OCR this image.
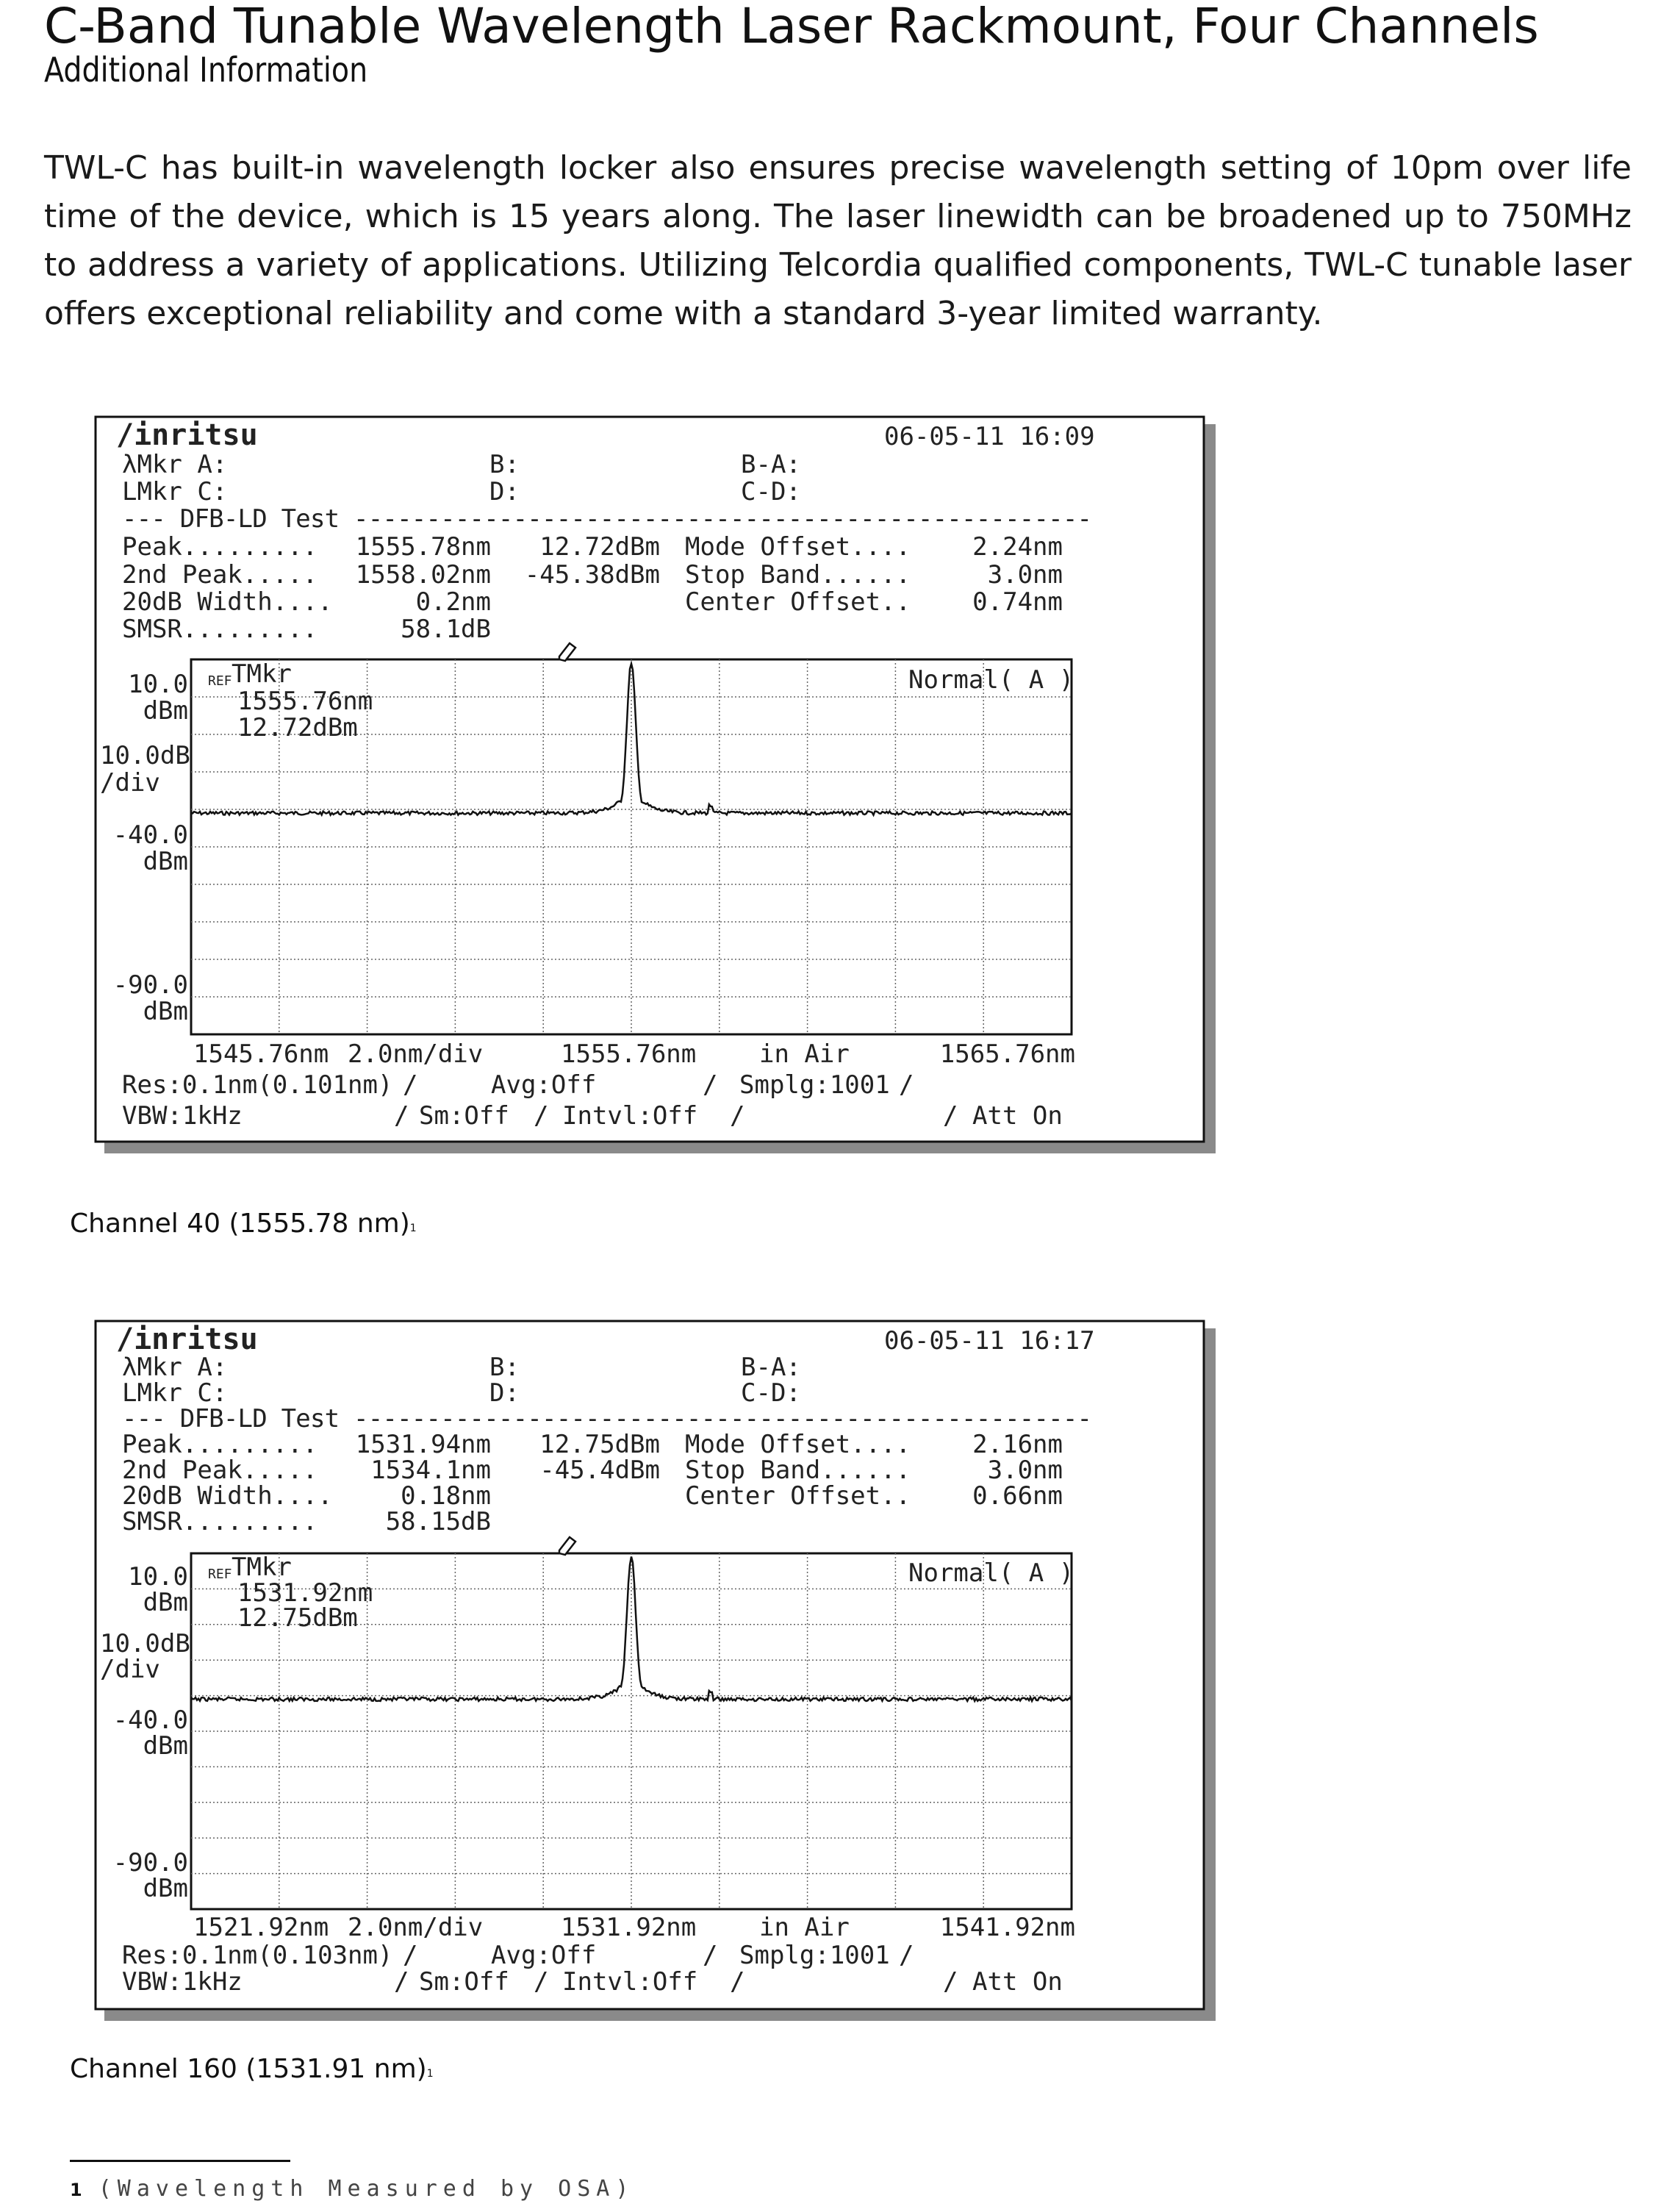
C-Band Tunable Wavelength Laser Rackmount, Four Channels
Additional Information
TWL-C has built-in wavelength locker also ensures precise wavelength setting of 10pm over life time of the device, which is 15 years along. The laser linewidth can be broadened up to 750MHz to address a variety of applications. Utilizing Telcordia qualified components, TWL-C tunable laser offers exceptional reliability and come with a standard 3-year limited warranty.
/inritsu	06-05-11 16:09
λMkr A:	B:	B-A:
LMkr C:	D:	C-D:
--- DFB-LD Test ---------------------------------------------------
Peak......... 1555.78nm 12.72dBm Mode Offset.... 2.24nm
2nd Peak..... 1558.02nm -45.38dBm Stop Band......	3.0nm
20dB Width....	0.2nm	Center Offset.. 0.74nm
SMSR.........	58.1dB
REF TMkr
1555.76nm
12.72dBm
Normal( A )
10.0
dBm
10.0dB
/div
-40.0
dBm
-90.0
dBm
1545.76nm 2.0nm/div	1555.76nm	in Air	1565.76nm
Res:0.1nm(0.101nm) /	Avg:Off	/ Smplg:1001 /
VBW:1kHz	/ Sm:Off / Intvl:Off /	/ Att On
Channel 40 (1555.78 nm)$^1$
/inritsu	06-05-11 16:17
λMkr A:	B:	B-A:
LMkr C:	D:	C-D:
--- DFB-LD Test ---------------------------------------------------
Peak......... 1531.94nm 12.75dBm Mode Offset.... 2.16nm
2nd Peak..... 1534.1nm -45.4dBm Stop Band......	3.0nm
20dB Width....	0.18nm	Center Offset.. 0.66nm
SMSR.........	58.15dB
REF TMkr
1531.92nm
12.75dBm
Normal( A )
10.0
dBm
10.0dB
/div
-40.0
dBm
-90.0
dBm
1521.92nm 2.0nm/div	1531.92nm	in Air	1541.92nm
Res:0.1nm(0.103nm) /	Avg:Off	/ Smplg:1001 /
VBW:1kHz	/ Sm:Off / Intvl:Off /	/ Att On
Channel 160 (1531.91 nm)$^1$
1 (Wavelength Measured by OSA)
